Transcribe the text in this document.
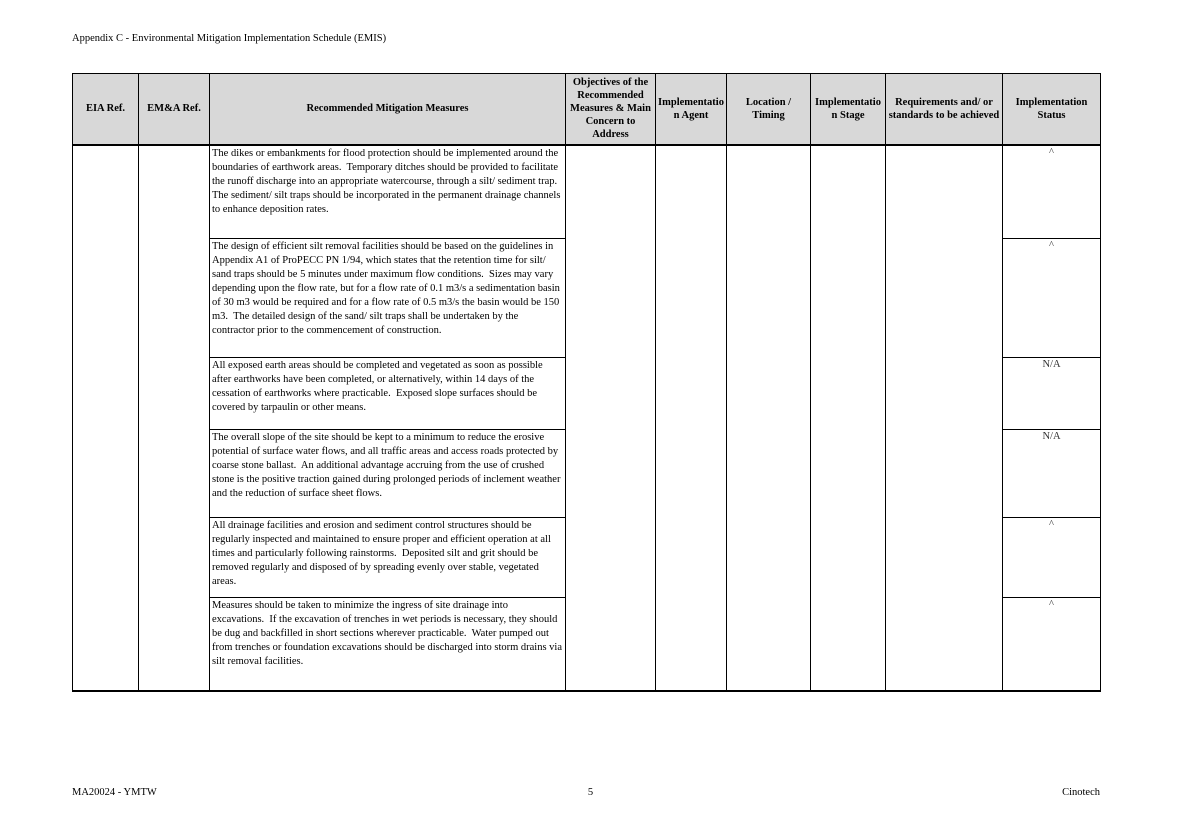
Appendix C - Environmental Mitigation Implementation Schedule (EMIS)
EIA Ref.	EM&A Ref.	Recommended Mitigation Measures	Objectives of the Recommended Measures & Main Concern to Address	Implementation Agent	Location / Timing	Implementation Stage	Requirements and/ or standards to be achieved	Implementation Status
		The dikes or embankments for flood protection should be implemented around the boundaries of earthwork areas.  Temporary ditches should be provided to facilitate the runoff discharge into an appropriate watercourse, through a silt/ sediment trap.  The sediment/ silt traps should be incorporated in the permanent drainage channels to enhance deposition rates.						^
		The design of efficient silt removal facilities should be based on the guidelines in Appendix A1 of ProPECC PN 1/94, which states that the retention time for silt/ sand traps should be 5 minutes under maximum flow conditions.  Sizes may vary depending upon the flow rate, but for a flow rate of 0.1 m3/s a sedimentation basin of 30 m3 would be required and for a flow rate of 0.5 m3/s the basin would be 150 m3.  The detailed design of the sand/ silt traps shall be undertaken by the contractor prior to the commencement of construction.						^
		All exposed earth areas should be completed and vegetated as soon as possible after earthworks have been completed, or alternatively, within 14 days of the cessation of earthworks where practicable.  Exposed slope surfaces should be covered by tarpaulin or other means.						N/A
		The overall slope of the site should be kept to a minimum to reduce the erosive potential of surface water flows, and all traffic areas and access roads protected by coarse stone ballast.  An additional advantage accruing from the use of crushed stone is the positive traction gained during prolonged periods of inclement weather and the reduction of surface sheet flows.						N/A
		All drainage facilities and erosion and sediment control structures should be regularly inspected and maintained to ensure proper and efficient operation at all times and particularly following rainstorms.  Deposited silt and grit should be removed regularly and disposed of by spreading evenly over stable, vegetated areas.						^
		Measures should be taken to minimize the ingress of site drainage into excavations.  If the excavation of trenches in wet periods is necessary, they should be dug and backfilled in short sections wherever practicable.  Water pumped out from trenches or foundation excavations should be discharged into storm drains via silt removal facilities.						^
MA20024 - YMTW	5	Cinotech
